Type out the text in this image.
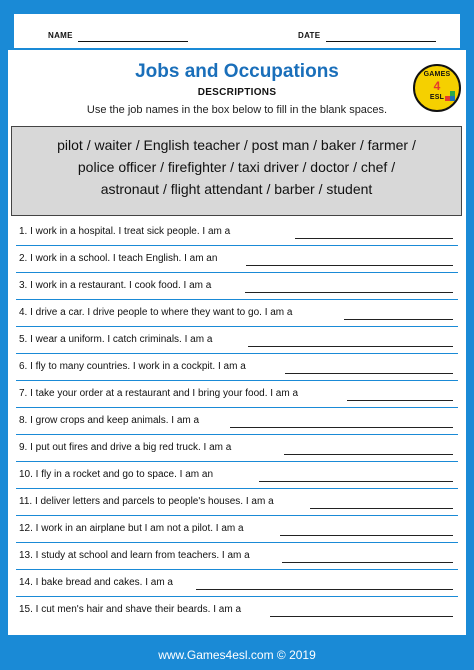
NAME	DATE
Jobs and Occupations
DESCRIPTIONS
Use the job names in the box below to fill in the blank spaces.
GAMES
4
ESL
pilot / waiter / English teacher / post man / baker / farmer /
police officer / firefighter / taxi driver / doctor / chef /
astronaut / flight attendant / barber / student
1. I work in a hospital. I treat sick people. I am a
2. I work in a school. I teach English. I am an
3. I work in a restaurant. I cook food. I am a
4. I drive a car. I drive people to where they want to go. I am a
5. I wear a uniform. I catch criminals. I am a
6. I fly to many countries. I work in a cockpit. I am a
7. I take your order at a restaurant and I bring your food. I am a
8. I grow crops and keep animals. I am a
9. I put out fires and drive a big red truck. I am a
10. I fly in a rocket and go to space. I am an
11. I deliver letters and parcels to people's houses. I am a
12. I work in an airplane but I am not a pilot. I am a
13. I study at school and learn from teachers. I am a
14. I bake bread and cakes. I am a
15. I cut men's hair and shave their beards. I am a
www.Games4esl.com © 2019
